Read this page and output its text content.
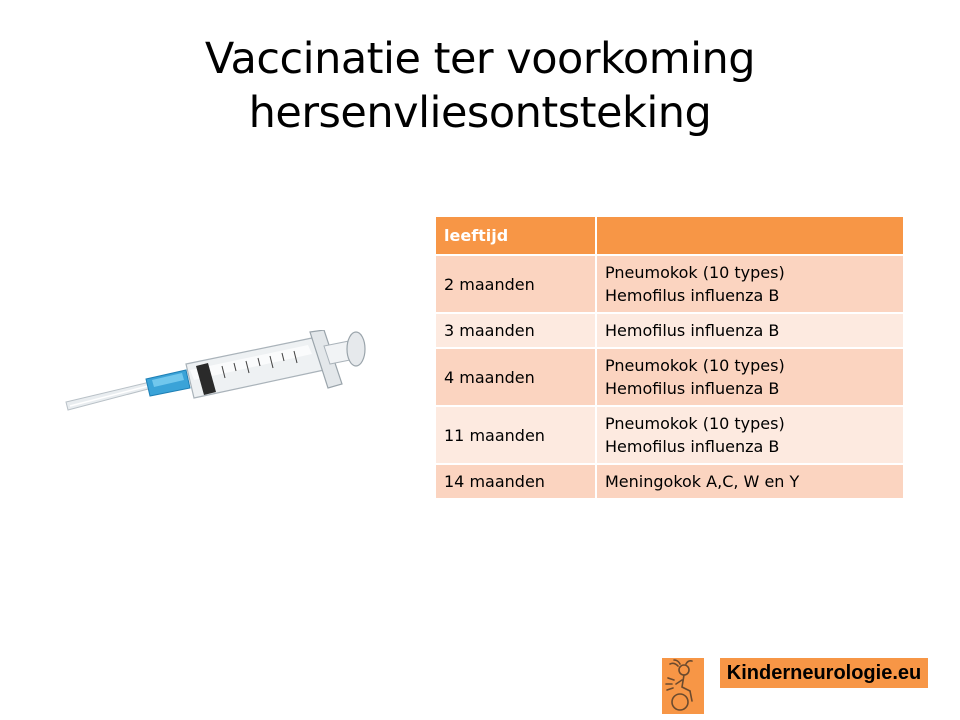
Vaccinatie ter voorkoming
hersenvliesontsteking
leeftijd	
2 maanden	Pneumokok (10 types)
Hemofilus influenza B

3 maanden	Hemofilus influenza B

4 maanden	Pneumokok (10 types)
Hemofilus influenza B

11 maanden	Pneumokok (10 types)
Hemofilus influenza B

14 maanden	Meningokok A,C, W en Y
Kinderneurologie.eu
